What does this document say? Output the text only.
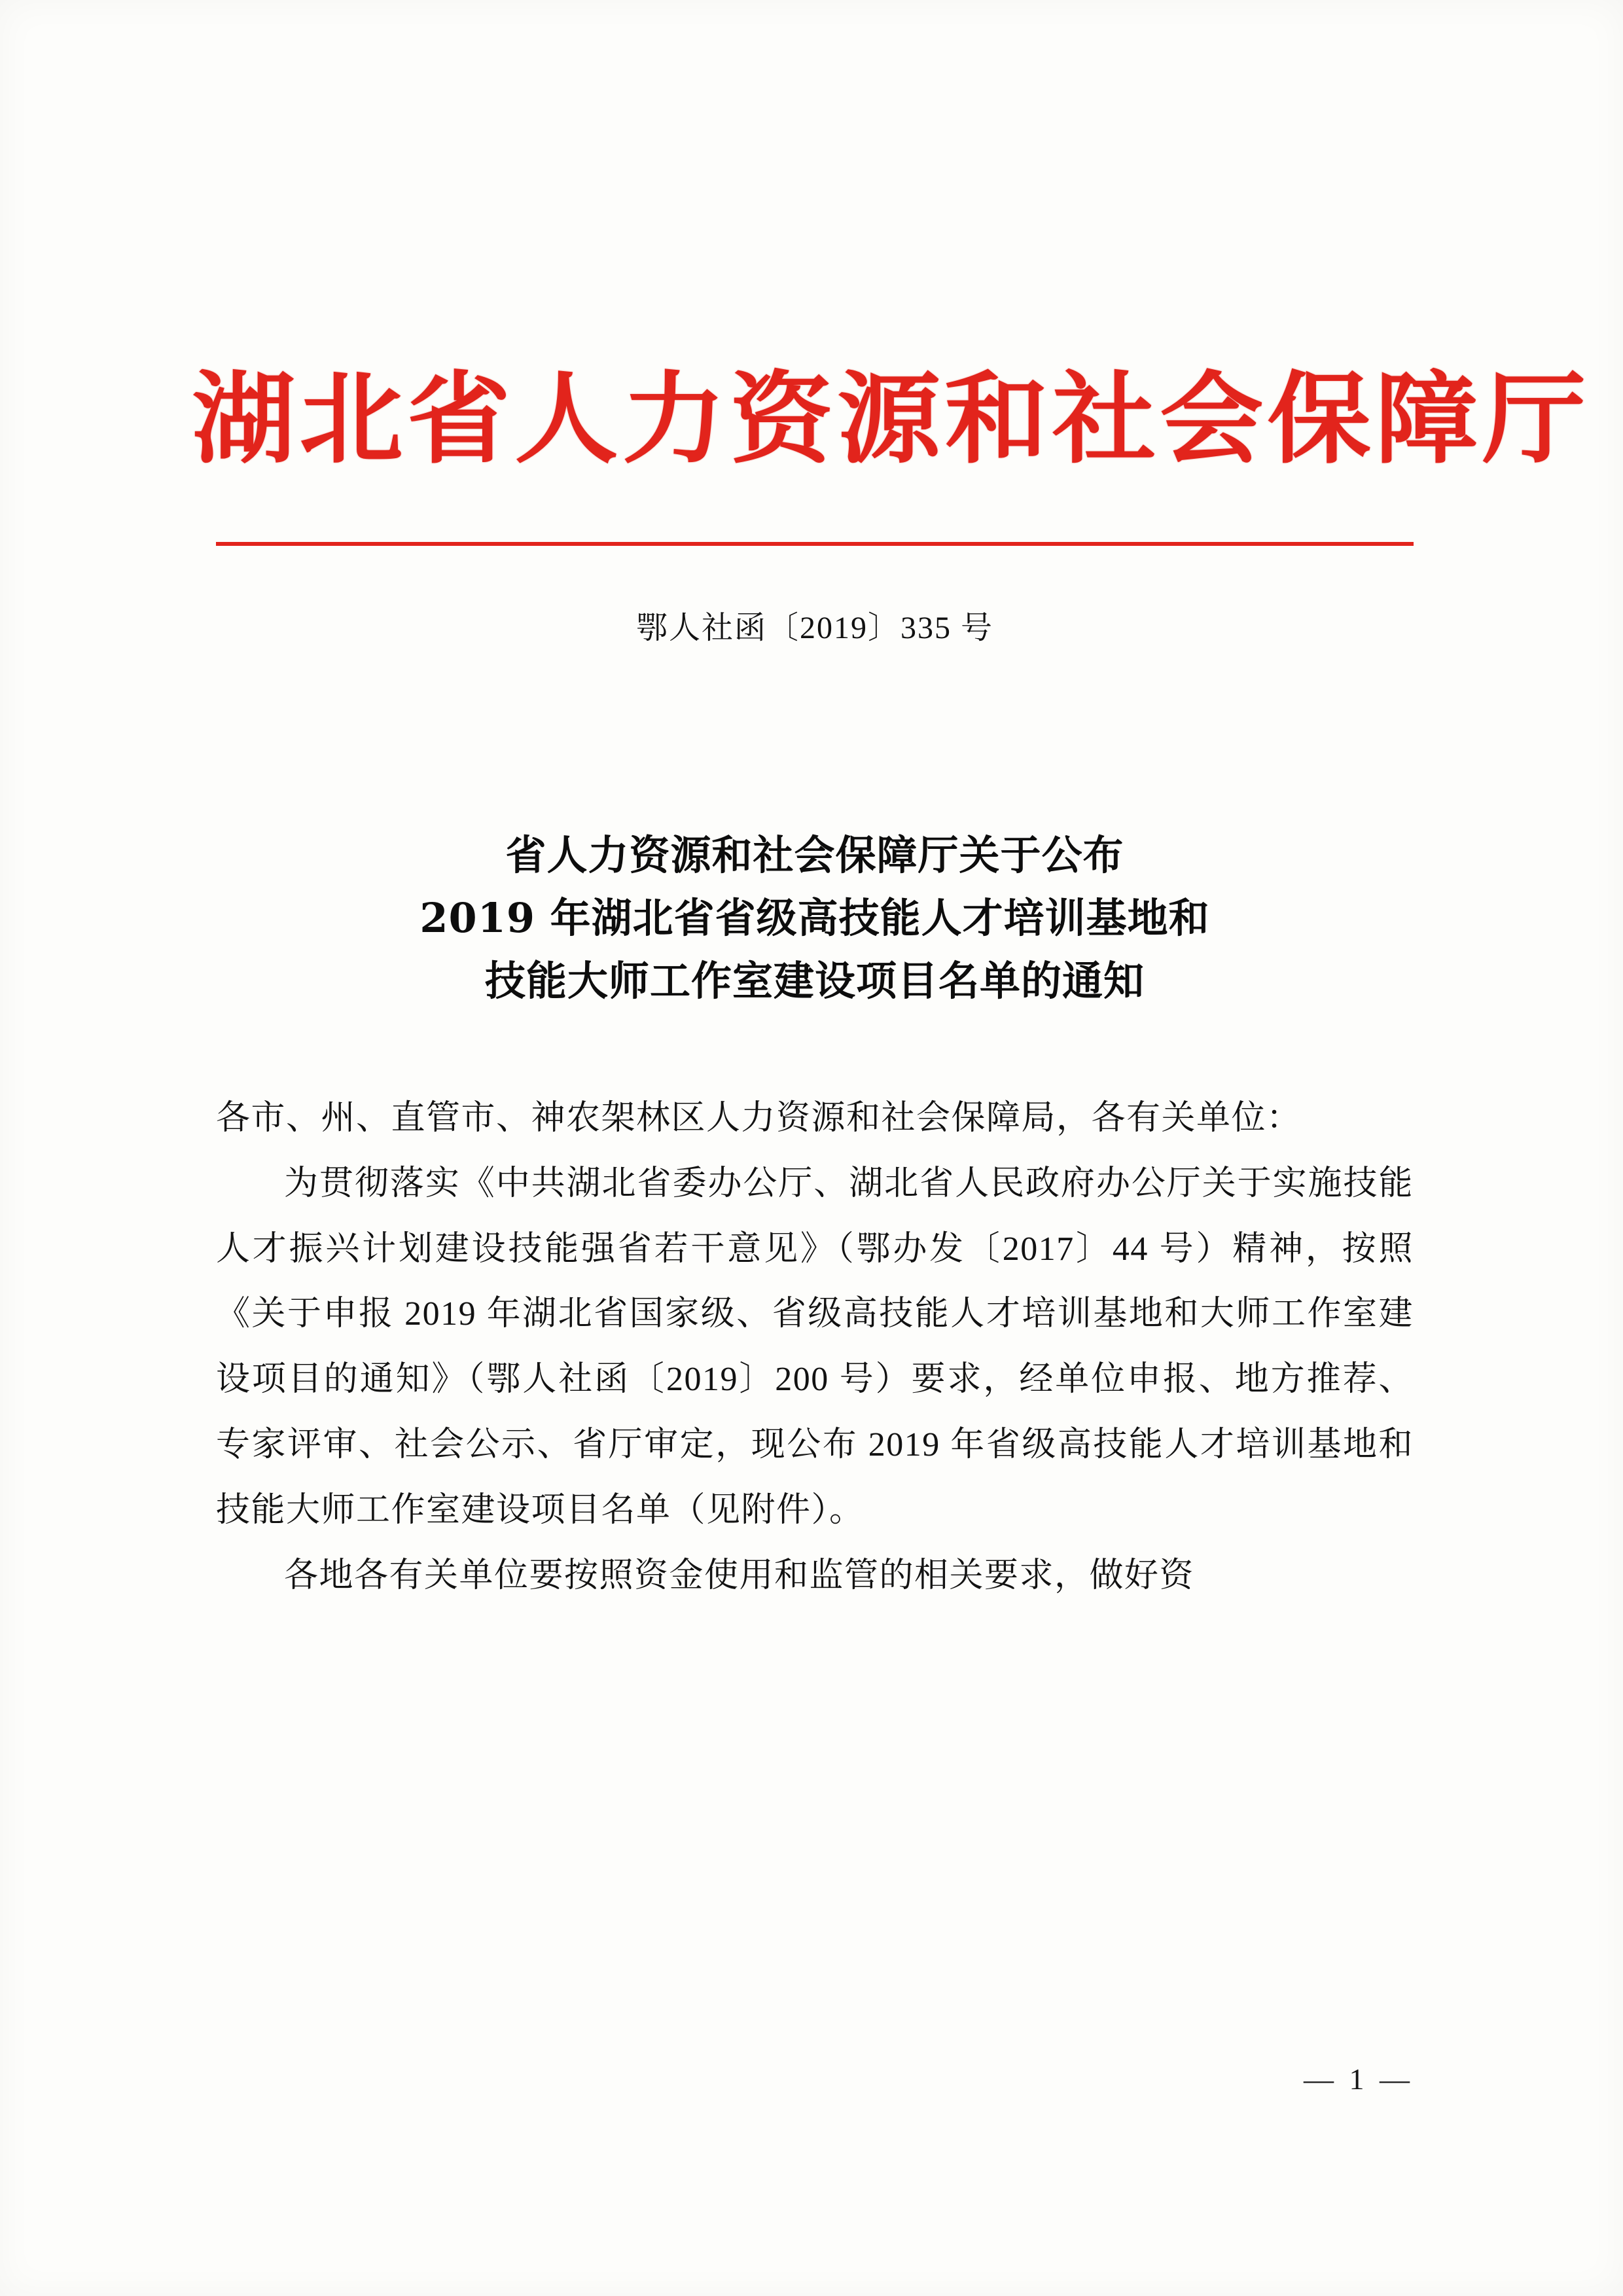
湖北省人力资源和社会保障厅
鄂人社函〔2019〕335 号
省人力资源和社会保障厅关于公布
2019 年湖北省省级高技能人才培训基地和
技能大师工作室建设项目名单的通知

各市、州、直管市、神农架林区人力资源和社会保障局，各有关单位：

为贯彻落实《中共湖北省委办公厅、湖北省人民政府办公厅关于实施技能人才振兴计划建设技能强省若干意见》（鄂办发〔2017〕44 号）精神，按照《关于申报 2019 年湖北省国家级、省级高技能人才培训基地和大师工作室建设项目的通知》（鄂人社函〔2019〕200 号）要求，经单位申报、地方推荐、专家评审、社会公示、省厅审定，现公布 2019 年省级高技能人才培训基地和技能大师工作室建设项目名单（见附件）。

各地各有关单位要按照资金使用和监管的相关要求，做好资

— 1 —
